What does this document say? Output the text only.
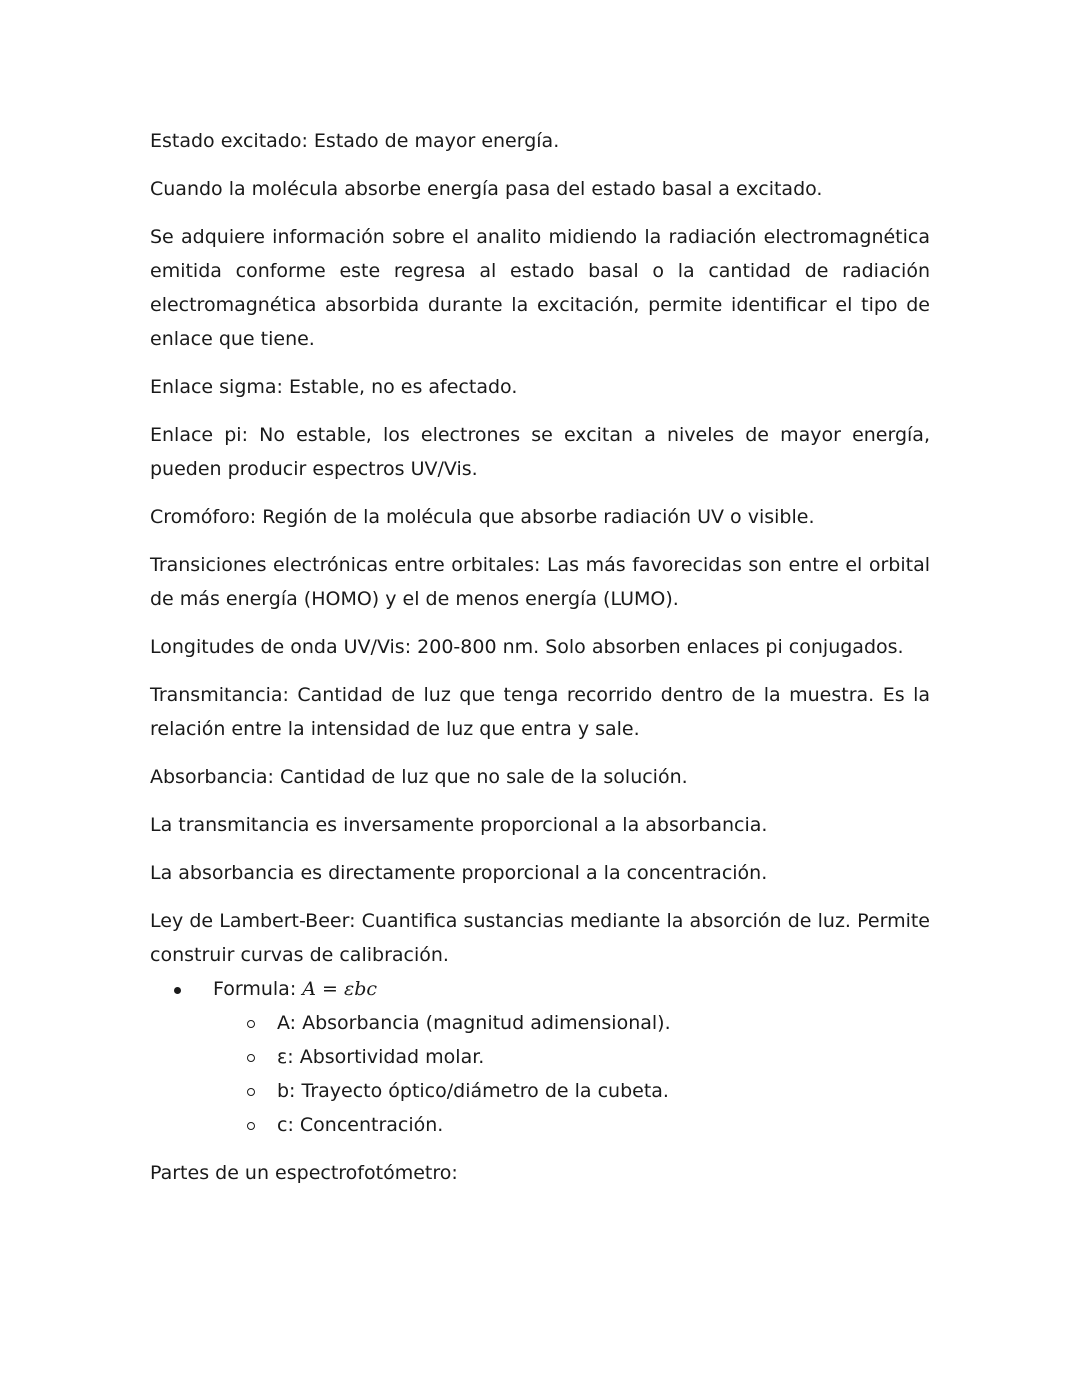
Estado excitado: Estado de mayor energía.

Cuando la molécula absorbe energía pasa del estado basal a excitado.

Se adquiere información sobre el analito midiendo la radiación electromagnética emitida conforme este regresa al estado basal o la cantidad de radiación electromagnética absorbida durante la excitación, permite identificar el tipo de enlace que tiene.

Enlace sigma: Estable, no es afectado.

Enlace pi: No estable, los electrones se excitan a niveles de mayor energía, pueden producir espectros UV/Vis.

Cromóforo: Región de la molécula que absorbe radiación UV o visible.

Transiciones electrónicas entre orbitales: Las más favorecidas son entre el orbital de más energía (HOMO) y el de menos energía (LUMO).

Longitudes de onda UV/Vis: 200-800 nm. Solo absorben enlaces pi conjugados.

Transmitancia: Cantidad de luz que tenga recorrido dentro de la muestra. Es la relación entre la intensidad de luz que entra y sale.

Absorbancia: Cantidad de luz que no sale de la solución.

La transmitancia es inversamente proporcional a la absorbancia.

La absorbancia es directamente proporcional a la concentración.

Ley de Lambert-Beer: Cuantifica sustancias mediante la absorción de luz. Permite construir curvas de calibración.

Formula: A = εbc
A: Absorbancia (magnitud adimensional).
ε: Absortividad molar.
b: Trayecto óptico/diámetro de la cubeta.
c: Concentración.

Partes de un espectrofotómetro:
